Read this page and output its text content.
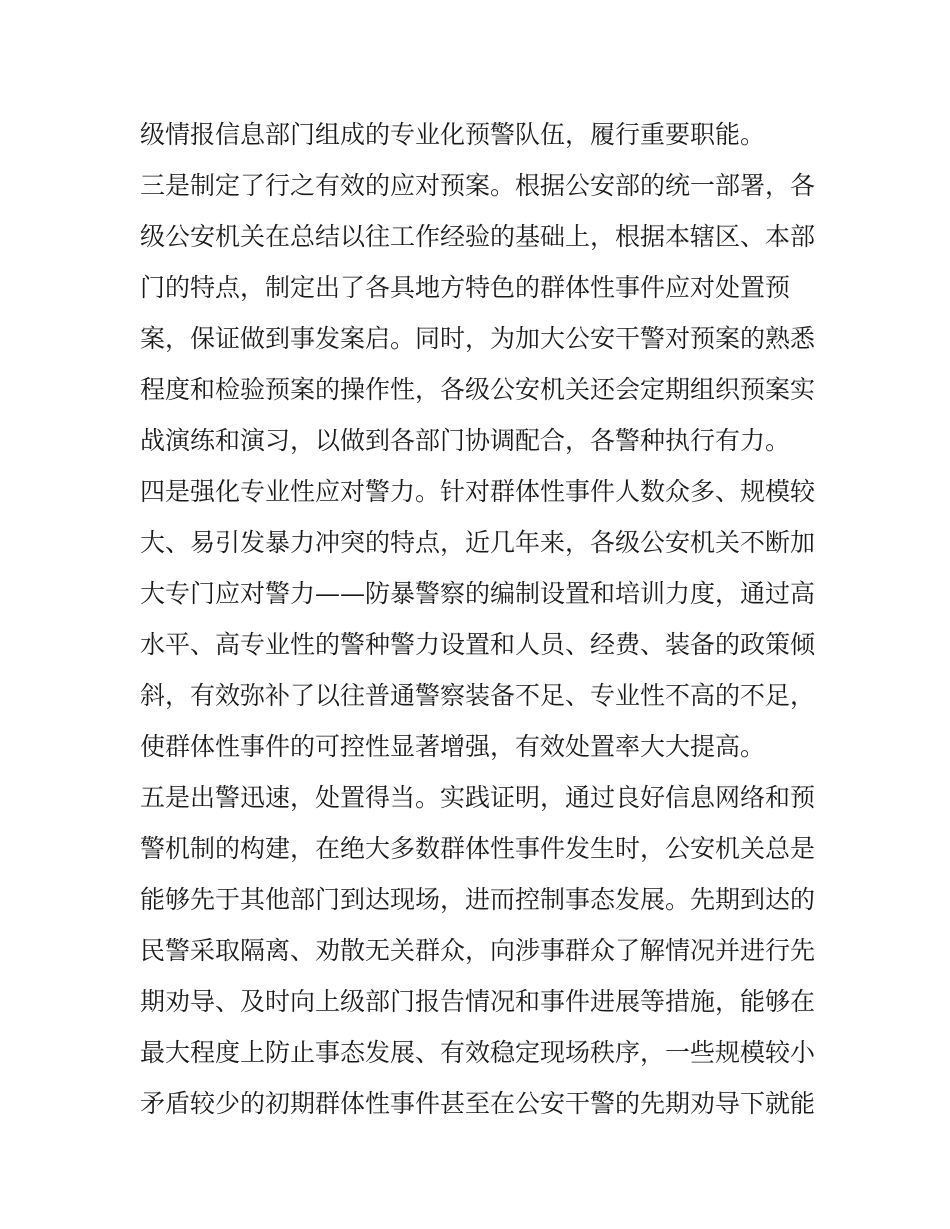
级情报信息部门组成的专业化预警队伍，履行重要职能。
三是制定了行之有效的应对预案。根据公安部的统一部署，各
级公安机关在总结以往工作经验的基础上，根据本辖区、本部
门的特点，制定出了各具地方特色的群体性事件应对处置预
案，保证做到事发案启。同时，为加大公安干警对预案的熟悉
程度和检验预案的操作性，各级公安机关还会定期组织预案实
战演练和演习，以做到各部门协调配合，各警种执行有力。
四是强化专业性应对警力。针对群体性事件人数众多、规模较
大、易引发暴力冲突的特点，近几年来，各级公安机关不断加
大专门应对警力——防暴警察的编制设置和培训力度，通过高
水平、高专业性的警种警力设置和人员、经费、装备的政策倾
斜，有效弥补了以往普通警察装备不足、专业性不高的不足，
使群体性事件的可控性显著增强，有效处置率大大提高。
五是出警迅速，处置得当。实践证明，通过良好信息网络和预
警机制的构建，在绝大多数群体性事件发生时，公安机关总是
能够先于其他部门到达现场，进而控制事态发展。先期到达的
民警采取隔离、劝散无关群众，向涉事群众了解情况并进行先
期劝导、及时向上级部门报告情况和事件进展等措施，能够在
最大程度上防止事态发展、有效稳定现场秩序，一些规模较小
矛盾较少的初期群体性事件甚至在公安干警的先期劝导下就能
